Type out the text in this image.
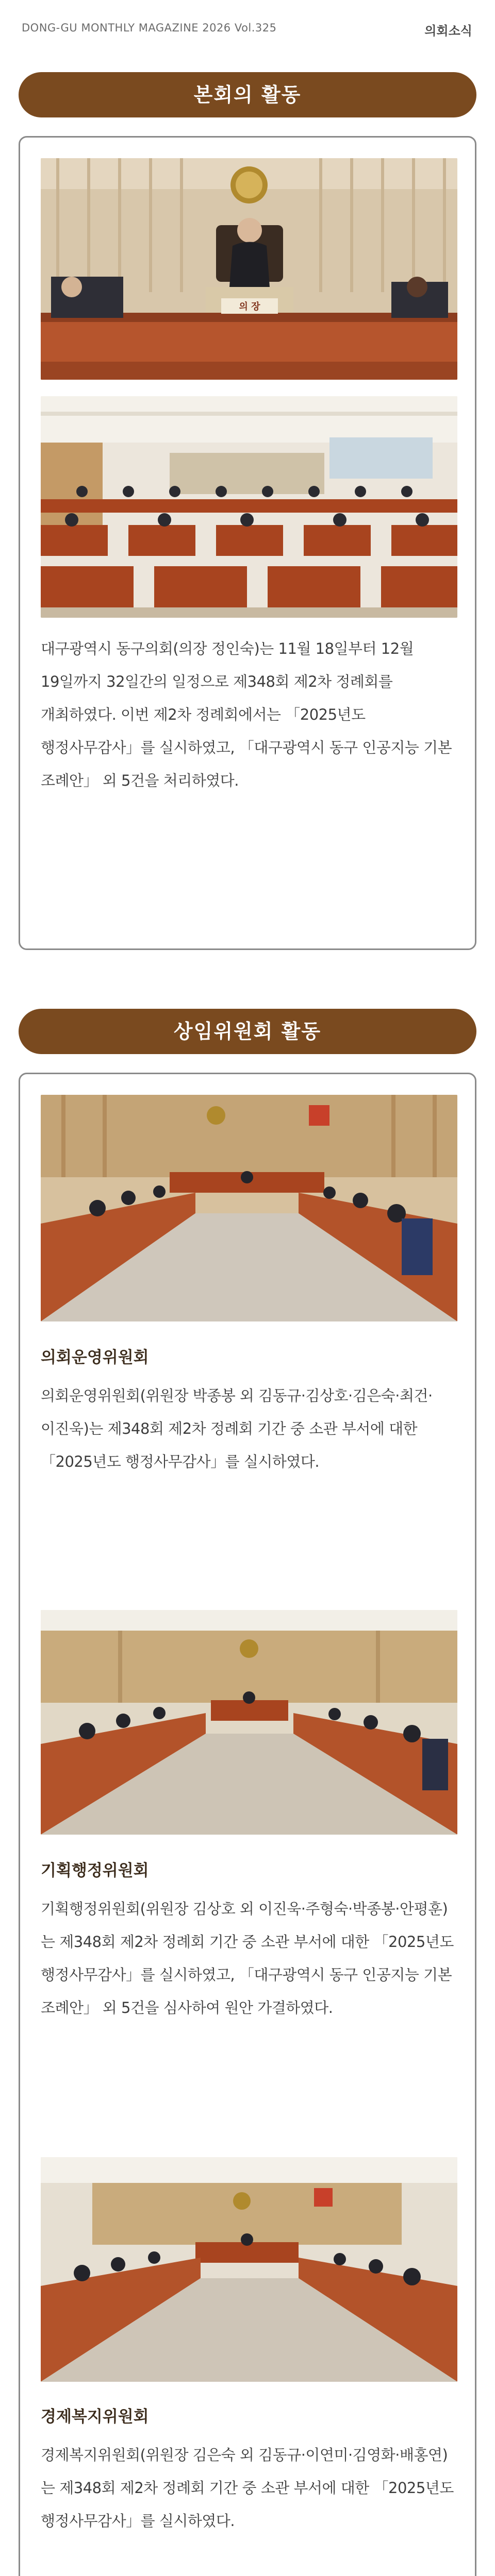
DONG-GU MONTHLY MAGAZINE 2026 Vol.325	의회소식
본회의 활동
의 장
대구광역시 동구의회(의장 정인숙)는 11월 18일부터 12월 19일까지 32일간의 일정으로 제348회 제2차 정례회를 개최하였다. 이번 제2차 정례회에서는 「2025년도 행정사무감사」를 실시하였고, 「대구광역시 동구 인공지능 기본 조례안」 외 5건을 처리하였다.
상임위원회 활동
의회운영위원회
의회운영위원회(위원장 박종봉 외 김동규·김상호·김은숙·최건·이진욱)는 제348회 제2차 정례회 기간 중 소관 부서에 대한 「2025년도 행정사무감사」를 실시하였다.
기획행정위원회
기획행정위원회(위원장 김상호 외 이진욱·주형숙·박종봉·안평훈)는 제348회 제2차 정례회 기간 중 소관 부서에 대한 「2025년도 행정사무감사」를 실시하였고, 「대구광역시 동구 인공지능 기본 조례안」 외 5건을 심사하여 원안 가결하였다.
경제복지위원회
경제복지위원회(위원장 김은숙 외 김동규·이연미·김영화·배홍연)는 제348회 제2차 정례회 기간 중 소관 부서에 대한 「2025년도 행정사무감사」를 실시하였다.
